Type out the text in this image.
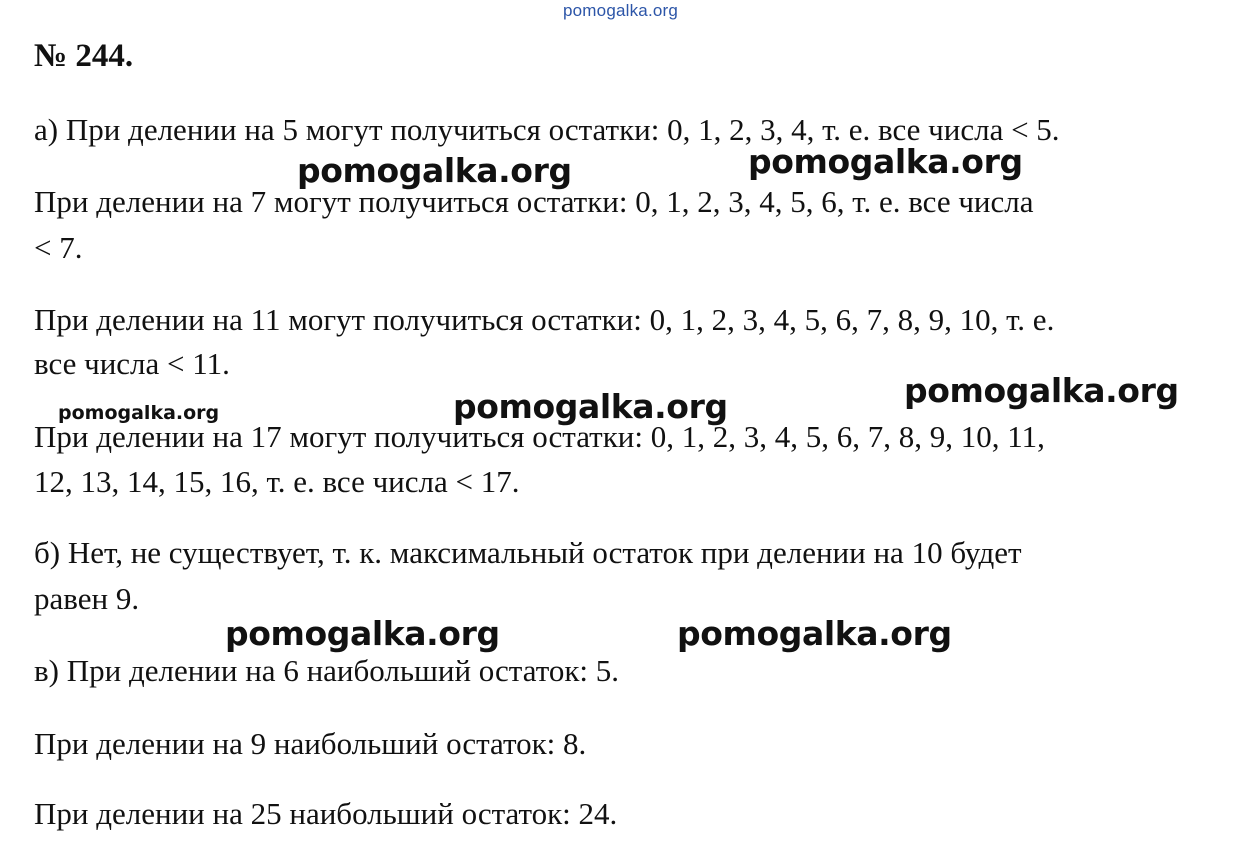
pomogalka.org
№ 244.
а) При делении на 5 могут получиться остатки: 0, 1, 2, 3, 4, т. е. все числа < 5.
При делении на 7 могут получиться остатки: 0, 1, 2, 3, 4, 5, 6, т. е. все числа
< 7.
При делении на 11 могут получиться остатки: 0, 1, 2, 3, 4, 5, 6, 7, 8, 9, 10, т. е.
все числа < 11.
При делении на 17 могут получиться остатки: 0, 1, 2, 3, 4, 5, 6, 7, 8, 9, 10, 11,
12, 13, 14, 15, 16, т. е. все числа < 17.
б) Нет, не существует, т. к. максимальный остаток при делении на 10 будет
равен 9.
в) При делении на 6 наибольший остаток: 5.
При делении на 9 наибольший остаток: 8.
При делении на 25 наибольший остаток: 24.
pomogalka.org	pomogalka.org
pomogalka.org
pomogalka.org
pomogalka.org
pomogalka.org	pomogalka.org
